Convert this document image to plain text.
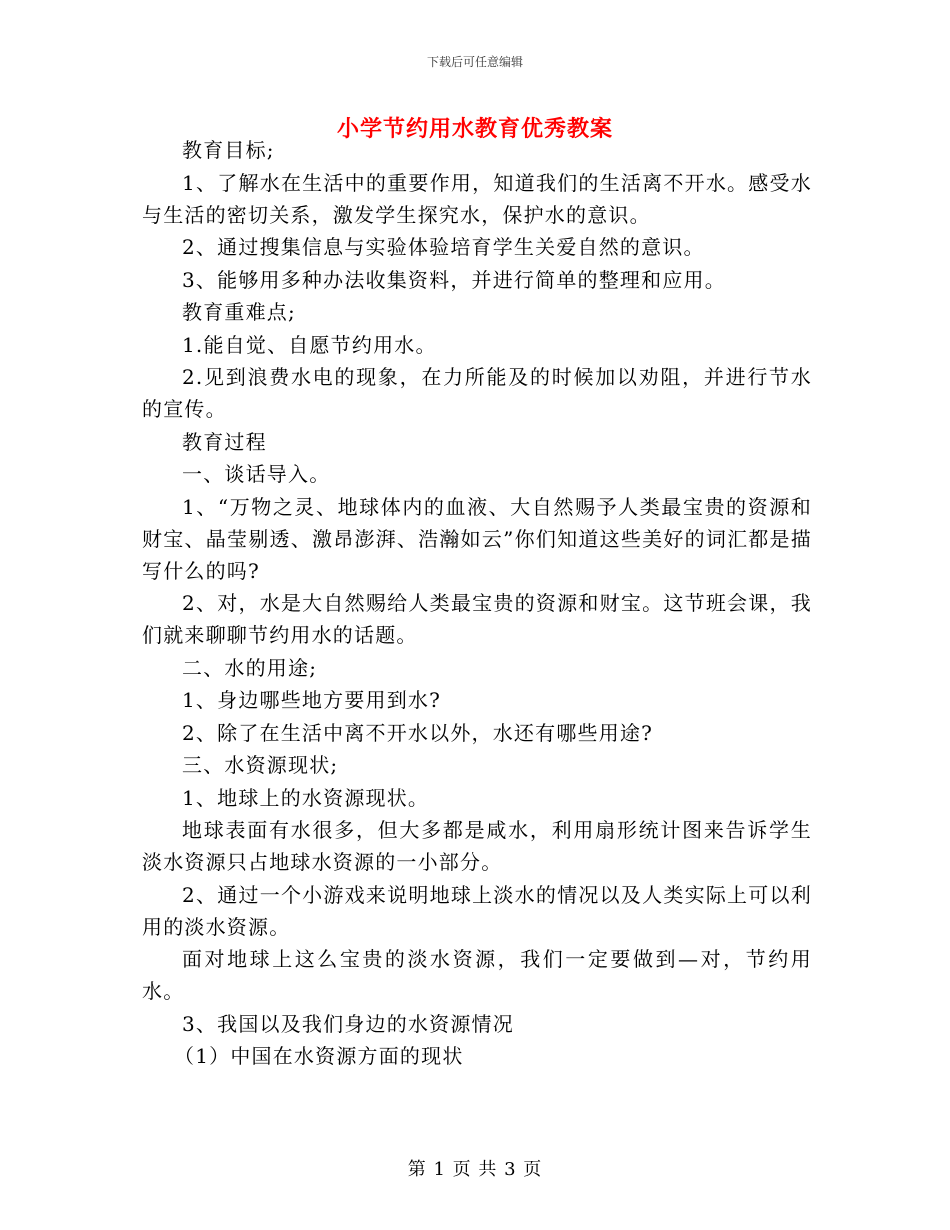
下载后可任意编辑
小学节约用水教育优秀教案

教育目标;

1、了解水在生活中的重要作用，知道我们的生活离不开水。感受水与生活的密切关系，激发学生探究水，保护水的意识。

2、通过搜集信息与实验体验培育学生关爱自然的意识。

3、能够用多种办法收集资料，并进行简单的整理和应用。

教育重难点;

1.能自觉、自愿节约用水。

2.见到浪费水电的现象，在力所能及的时候加以劝阻，并进行节水的宣传。

教育过程

一、谈话导入。

1、“万物之灵、地球体内的血液、大自然赐予人类最宝贵的资源和财宝、晶莹剔透、激昂澎湃、浩瀚如云”你们知道这些美好的词汇都是描写什么的吗?

2、对，水是大自然赐给人类最宝贵的资源和财宝。这节班会课，我们就来聊聊节约用水的话题。

二、水的用途;

1、身边哪些地方要用到水?

2、除了在生活中离不开水以外，水还有哪些用途?

三、水资源现状;

1、地球上的水资源现状。

地球表面有水很多，但大多都是咸水，利用扇形统计图来告诉学生淡水资源只占地球水资源的一小部分。

2、通过一个小游戏来说明地球上淡水的情况以及人类实际上可以利用的淡水资源。

面对地球上这么宝贵的淡水资源，我们一定要做到—对，节约用水。

3、我国以及我们身边的水资源情况

（1）中国在水资源方面的现状

第 1 页 共 3 页
